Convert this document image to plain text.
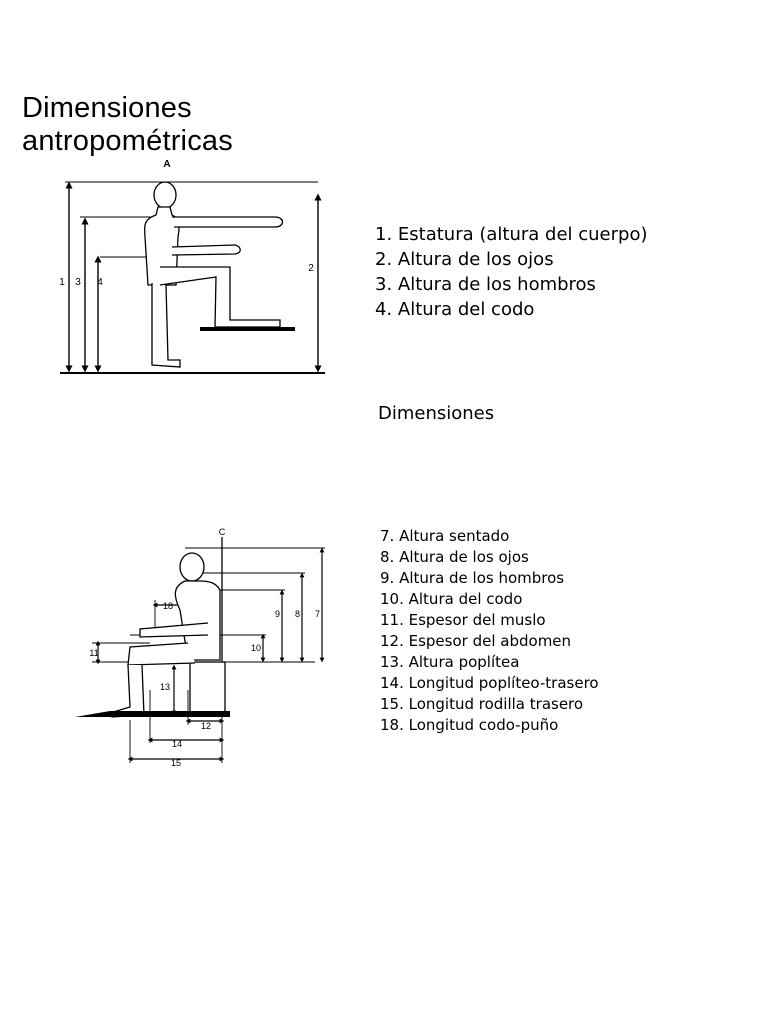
Dimensiones
antropométricas
A
1 3 4
2
1. Estatura (altura del cuerpo)
2. Altura de los ojos
3. Altura de los hombros
4. Altura del codo
Dimensiones
C
18
9 8 7
11	10
13
12
14
15
7. Altura sentado
8. Altura de los ojos
9. Altura de los hombros
10. Altura del codo
11. Espesor del muslo
12. Espesor del abdomen
13. Altura poplítea
14. Longitud poplíteo-trasero
15. Longitud rodilla trasero
18. Longitud codo-puño
